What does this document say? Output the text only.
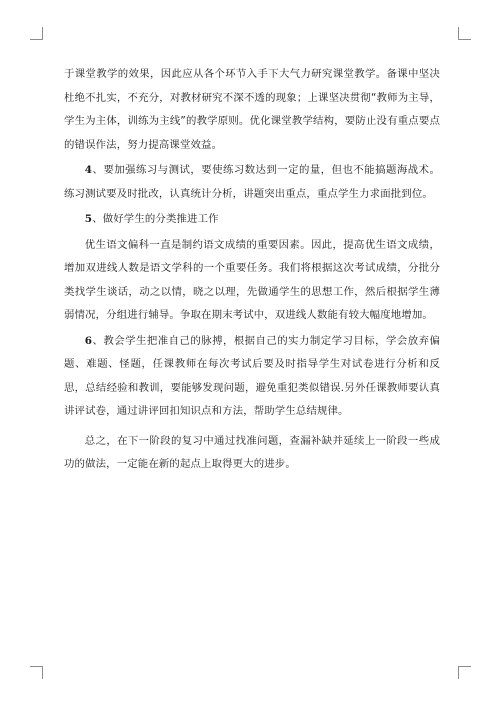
于课堂教学的效果，因此应从各个环节入手下大气力研究课堂教学。备课中坚决杜绝不扎实，不充分，对教材研究不深不透的现象；上课坚决贯彻“教师为主导，学生为主体，训练为主线”的教学原则。优化课堂教学结构，要防止没有重点要点的错误作法，努力提高课堂效益。

4、要加强练习与测试，要使练习数达到一定的量，但也不能搞题海战术。练习测试要及时批改，认真统计分析，讲题突出重点，重点学生力求面批到位。

5、做好学生的分类推进工作

优生语文偏科一直是制约语文成绩的重要因素。因此，提高优生语文成绩，增加双进线人数是语文学科的一个重要任务。我们将根据这次考试成绩，分批分类找学生谈话，动之以情，晓之以理，先做通学生的思想工作，然后根据学生薄弱情况，分组进行辅导。争取在期末考试中，双进线人数能有较大幅度地增加。

6、教会学生把准自己的脉搏，根据自己的实力制定学习目标，学会放弃偏题、难题、怪题，任课教师在每次考试后要及时指导学生对试卷进行分析和反思，总结经验和教训，要能够发现问题，避免重犯类似错误.另外任课教师要认真讲评试卷，通过讲评回扣知识点和方法，帮助学生总结规律。

总之，在下一阶段的复习中通过找准问题，查漏补缺并延续上一阶段一些成功的做法，一定能在新的起点上取得更大的进步。
